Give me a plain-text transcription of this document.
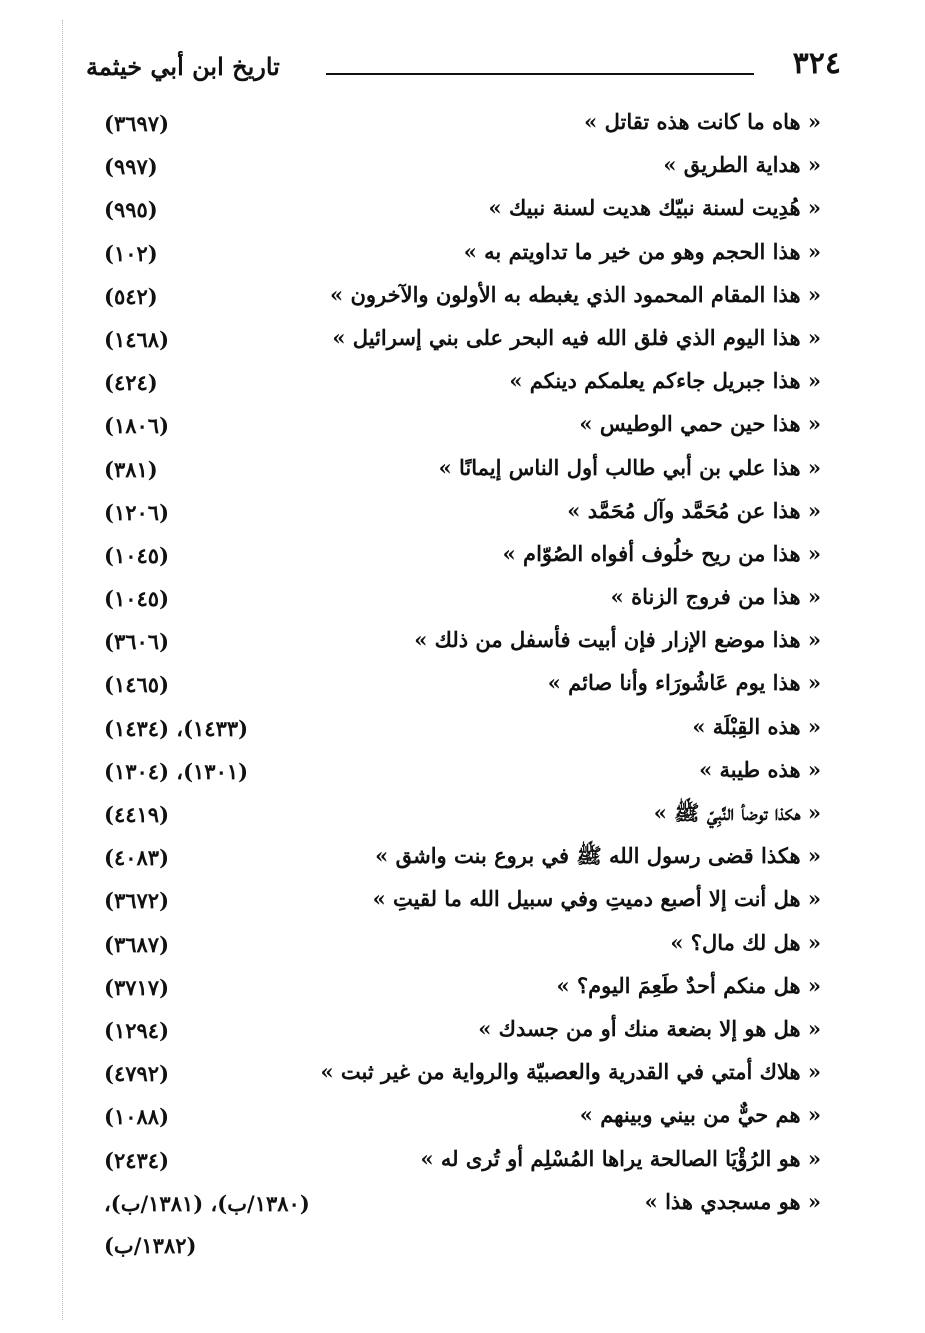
٣٢٤
تاريخ ابن أبي خيثمة
« هاه ما كانت هذه تقاتل »
(٣٦٩٧)
« هداية الطريق »
(٩٩٧)
« هُدِيت لسنة نبيّك هديت لسنة نبيك »
(٩٩٥)
« هذا الحجم وهو من خير ما تداويتم به »
(١٠٢)
« هذا المقام المحمود الذي يغبطه به الأولون والآخرون »
(٥٤٢)
« هذا اليوم الذي فلق الله فيه البحر على بني إسرائيل »
(١٤٦٨)
« هذا جبريل جاءكم يعلمكم دينكم »
(٤٢٤)
« هذا حين حمي الوطيس »
(١٨٠٦)
« هذا علي بن أبي طالب أول الناس إيمانًا »
(٣٨١)
« هذا عن مُحَمَّد وآل مُحَمَّد »
(١٢٠٦)
« هذا من ريح خلُوف أفواه الصُوّام »
(١٠٤٥)
« هذا من فروج الزناة »
(١٠٤٥)
« هذا موضع الإزار فإن أبيت فأسفل من ذلك »
(٣٦٠٦)
« هذا يوم عَاشُورَاء وأنا صائم »
(١٤٦٥)
« هذه القِبْلَة »
(١٤٣٣)، (١٤٣٤)
« هذه طيبة »
(١٣٠١)، (١٣٠٤)
« هكذا توضأ النَّبِيّ ﷺ »
(٤٤١٩)
« هكذا قضى رسول الله ﷺ في بروع بنت واشق »
(٤٠٨٣)
« هل أنت إلا أصبع دميتِ وفي سبيل الله ما لقيتِ »
(٣٦٧٢)
« هل لك مال؟ »
(٣٦٨٧)
« هل منكم أحدٌ طَعِمَ اليوم؟ »
(٣٧١٧)
« هل هو إلا بضعة منك أو من جسدك »
(١٢٩٤)
« هلاك أمتي في القدرية والعصبيّة والرواية من غير ثبت »
(٤٧٩٢)
« هم حيٌّ من بيني وبينهم »
(١٠٨٨)
« هو الرُؤْيَا الصالحة يراها المُسْلِم أو تُرى له »
(٢٤٣٤)
« هو مسجدي هذا »
(١٣٨٠/ب)، (١٣٨١/ب)،
(١٣٨٢/ب)
